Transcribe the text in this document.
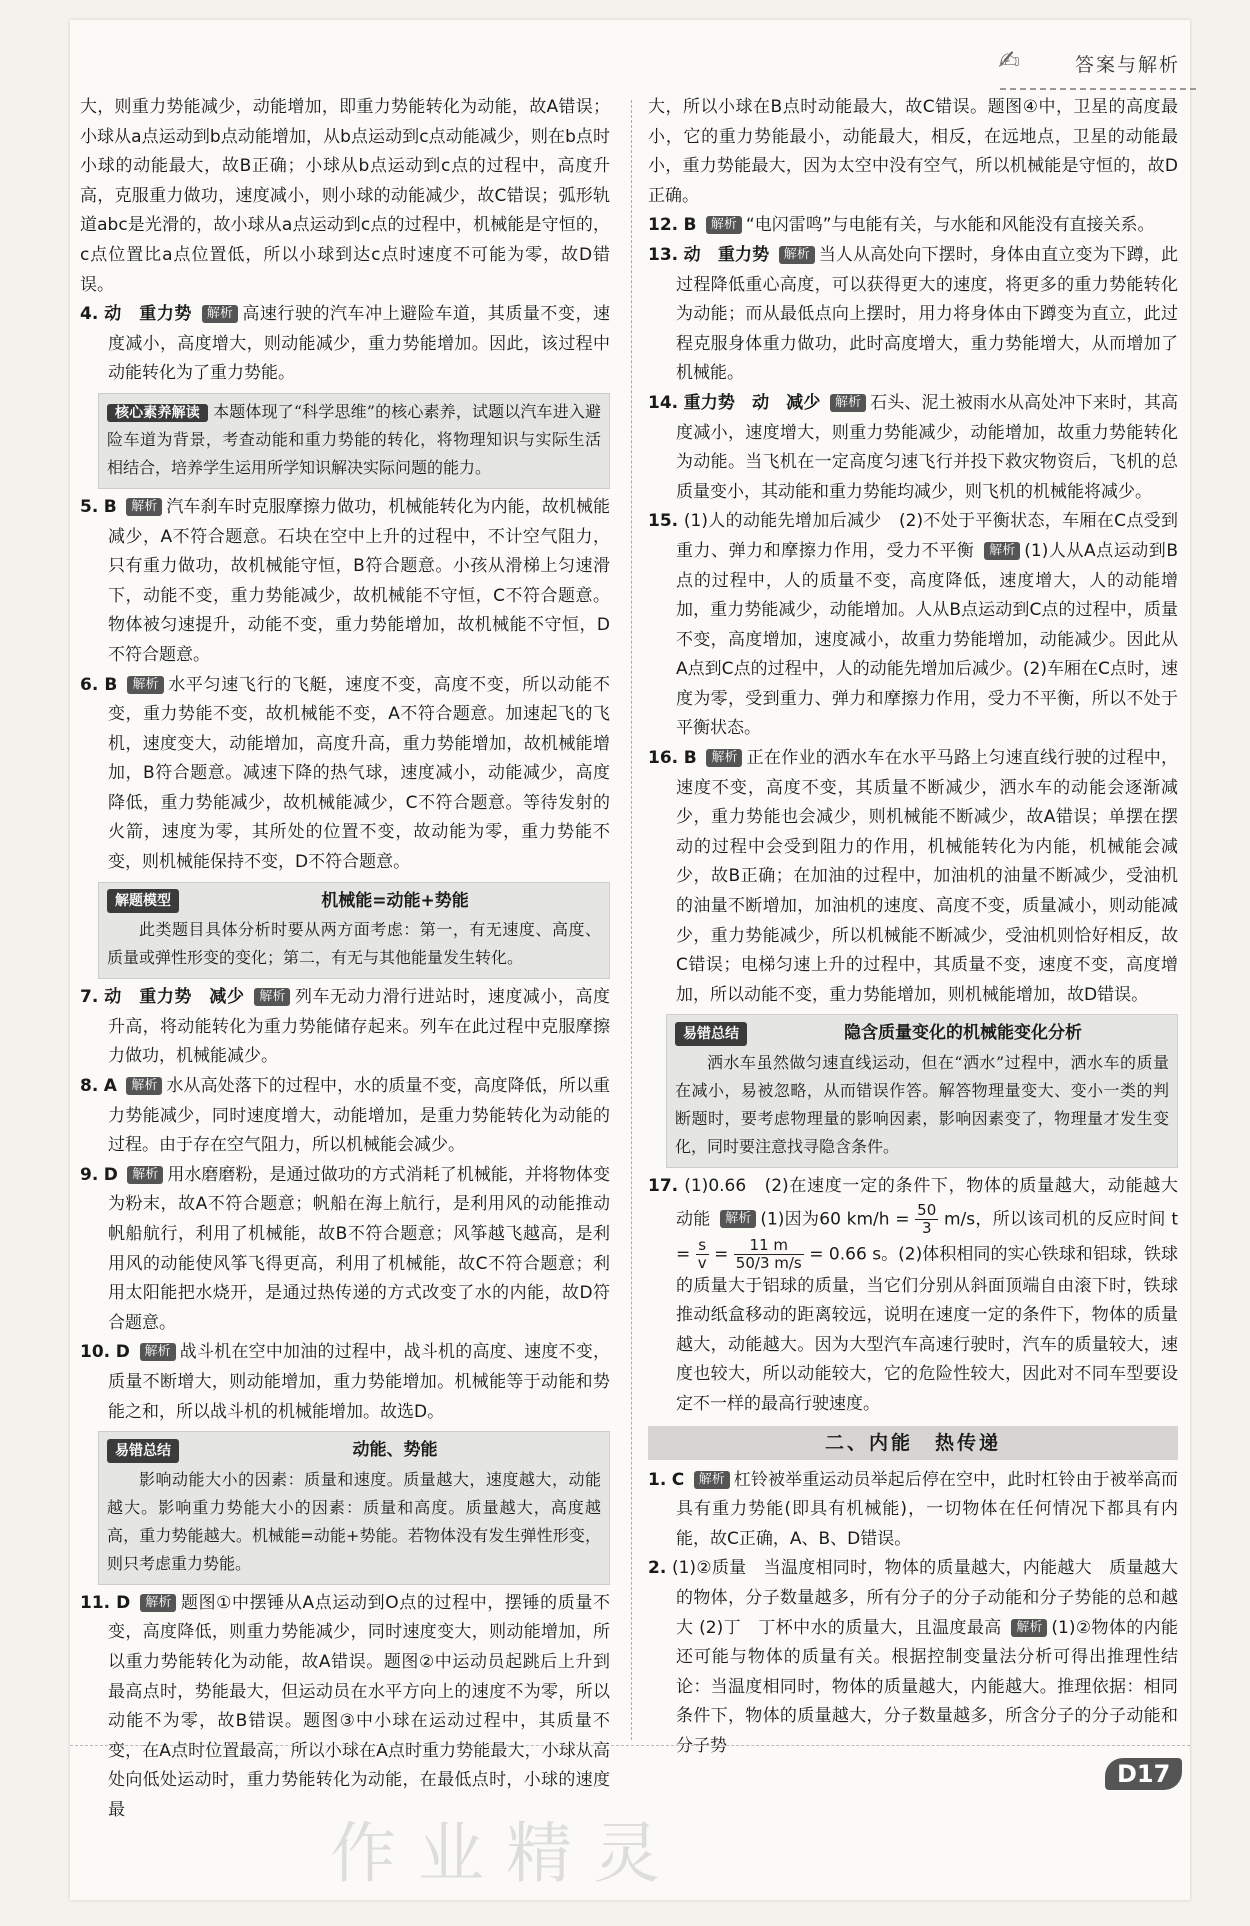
✍	答案与解析

大，则重力势能减少，动能增加，即重力势能转化为动能，故A错误；小球从a点运动到b点动能增加，从b点运动到c点动能减少，则在b点时小球的动能最大，故B正确；小球从b点运动到c点的过程中，高度升高，克服重力做功，速度减小，则小球的动能减少，故C错误；弧形轨道abc是光滑的，故小球从a点运动到c点的过程中，机械能是守恒的，c点位置比a点位置低，所以小球到达c点时速度不可能为零，故D错误。

4. 动　重力势 解析 高速行驶的汽车冲上避险车道，其质量不变，速度减小，高度增大，则动能减少，重力势能增加。因此，该过程中动能转化为了重力势能。

核心素养解读 本题体现了“科学思维”的核心素养，试题以汽车进入避险车道为背景，考查动能和重力势能的转化，将物理知识与实际生活相结合，培养学生运用所学知识解决实际问题的能力。

5. B 解析 汽车刹车时克服摩擦力做功，机械能转化为内能，故机械能减少，A不符合题意。石块在空中上升的过程中，不计空气阻力，只有重力做功，故机械能守恒，B符合题意。小孩从滑梯上匀速滑下，动能不变，重力势能减少，故机械能不守恒，C不符合题意。物体被匀速提升，动能不变，重力势能增加，故机械能不守恒，D不符合题意。

6. B 解析 水平匀速飞行的飞艇，速度不变，高度不变，所以动能不变，重力势能不变，故机械能不变，A不符合题意。加速起飞的飞机，速度变大，动能增加，高度升高，重力势能增加，故机械能增加，B符合题意。减速下降的热气球，速度减小，动能减少，高度降低，重力势能减少，故机械能减少，C不符合题意。等待发射的火箭，速度为零，其所处的位置不变，故动能为零，重力势能不变，则机械能保持不变，D不符合题意。

解题模型	机械能=动能+势能

此类题目具体分析时要从两方面考虑：第一，有无速度、高度、质量或弹性形变的变化；第二，有无与其他能量发生转化。

7. 动　重力势　减少 解析 列车无动力滑行进站时，速度减小，高度升高，将动能转化为重力势能储存起来。列车在此过程中克服摩擦力做功，机械能减少。

8. A 解析 水从高处落下的过程中，水的质量不变，高度降低，所以重力势能减少，同时速度增大，动能增加，是重力势能转化为动能的过程。由于存在空气阻力，所以机械能会减少。

9. D 解析 用水磨磨粉，是通过做功的方式消耗了机械能，并将物体变为粉末，故A不符合题意；帆船在海上航行，是利用风的动能推动帆船航行，利用了机械能，故B不符合题意；风筝越飞越高，是利用风的动能使风筝飞得更高，利用了机械能，故C不符合题意；利用太阳能把水烧开，是通过热传递的方式改变了水的内能，故D符合题意。

10. D 解析 战斗机在空中加油的过程中，战斗机的高度、速度不变，质量不断增大，则动能增加，重力势能增加。机械能等于动能和势能之和，所以战斗机的机械能增加。故选D。

易错总结	动能、势能

影响动能大小的因素：质量和速度。质量越大，速度越大，动能越大。影响重力势能大小的因素：质量和高度。质量越大，高度越高，重力势能越大。机械能=动能+势能。若物体没有发生弹性形变，则只考虑重力势能。

11. D 解析 题图①中摆锤从A点运动到O点的过程中，摆锤的质量不变，高度降低，则重力势能减少，同时速度变大，则动能增加，所以重力势能转化为动能，故A错误。题图②中运动员起跳后上升到最高点时，势能最大，但运动员在水平方向上的速度不为零，所以动能不为零，故B错误。题图③中小球在运动过程中，其质量不变，在A点时位置最高，所以小球在A点时重力势能最大，小球从高处向低处运动时，重力势能转化为动能，在最低点时，小球的速度最

大，所以小球在B点时动能最大，故C错误。题图④中，卫星的高度最小，它的重力势能最小，动能最大，相反，在远地点，卫星的动能最小，重力势能最大，因为太空中没有空气，所以机械能是守恒的，故D正确。

12. B 解析 “电闪雷鸣”与电能有关，与水能和风能没有直接关系。

13. 动　重力势 解析 当人从高处向下摆时，身体由直立变为下蹲，此过程降低重心高度，可以获得更大的速度，将更多的重力势能转化为动能；而从最低点向上摆时，用力将身体由下蹲变为直立，此过程克服身体重力做功，此时高度增大，重力势能增大，从而增加了机械能。

14. 重力势　动　减少 解析 石头、泥土被雨水从高处冲下来时，其高度减小，速度增大，则重力势能减少，动能增加，故重力势能转化为动能。当飞机在一定高度匀速飞行并投下救灾物资后，飞机的总质量变小，其动能和重力势能均减少，则飞机的机械能将减少。

15. (1)人的动能先增加后减少　(2)不处于平衡状态，车厢在C点受到重力、弹力和摩擦力作用，受力不平衡 解析 (1)人从A点运动到B点的过程中，人的质量不变，高度降低，速度增大，人的动能增加，重力势能减少，动能增加。人从B点运动到C点的过程中，质量不变，高度增加，速度减小，故重力势能增加，动能减少。因此从A点到C点的过程中，人的动能先增加后减少。(2)车厢在C点时，速度为零，受到重力、弹力和摩擦力作用，受力不平衡，所以不处于平衡状态。

16. B 解析 正在作业的洒水车在水平马路上匀速直线行驶的过程中，速度不变，高度不变，其质量不断减少，洒水车的动能会逐渐减少，重力势能也会减少，则机械能不断减少，故A错误；单摆在摆动的过程中会受到阻力的作用，机械能转化为内能，机械能会减少，故B正确；在加油的过程中，加油机的油量不断减少，受油机的油量不断增加，加油机的速度、高度不变，质量减小，则动能减少，重力势能减少，所以机械能不断减少，受油机则恰好相反，故C错误；电梯匀速上升的过程中，其质量不变，速度不变，高度增加，所以动能不变，重力势能增加，则机械能增加，故D错误。

易错总结	隐含质量变化的机械能变化分析

洒水车虽然做匀速直线运动，但在“洒水”过程中，洒水车的质量在减小，易被忽略，从而错误作答。解答物理量变大、变小一类的判断题时，要考虑物理量的影响因素，影响因素变了，物理量才发生变化，同时要注意找寻隐含条件。

17. (1)0.66　(2)在速度一定的条件下，物体的质量越大，动能越大 动能 解析 (1)因为60 $km/h = \frac{50}{3} m/s$，所以该司机的反应时间 $t = \frac{s}{v} = \frac{11 m}{50/3 m/s} = 0.66$ s。(2)体积相同的实心铁球和铝球，铁球的质量大于铝球的质量，当它们分别从斜面顶端自由滚下时，铁球推动纸盒移动的距离较远，说明在速度一定的条件下，物体的质量越大，动能越大。因为大型汽车高速行驶时，汽车的质量较大，速度也较大，所以动能较大，它的危险性较大，因此对不同车型要设定不一样的最高行驶速度。

二、内能　热传递

1. C 解析 杠铃被举重运动员举起后停在空中，此时杠铃由于被举高而具有重力势能(即具有机械能)，一切物体在任何情况下都具有内能，故C正确，A、B、D错误。

2. (1)②质量　当温度相同时，物体的质量越大，内能越大　质量越大的物体，分子数量越多，所有分子的分子动能和分子势能的总和越大 (2)丁　丁杯中水的质量大，且温度最高 解析 (1)②物体的内能还可能与物体的质量有关。根据控制变量法分析可得出推理性结论：当温度相同时，物体的质量越大，内能越大。推理依据：相同条件下，物体的质量越大，分子数量越多，所含分子的分子动能和分子势

D17
作业精灵
